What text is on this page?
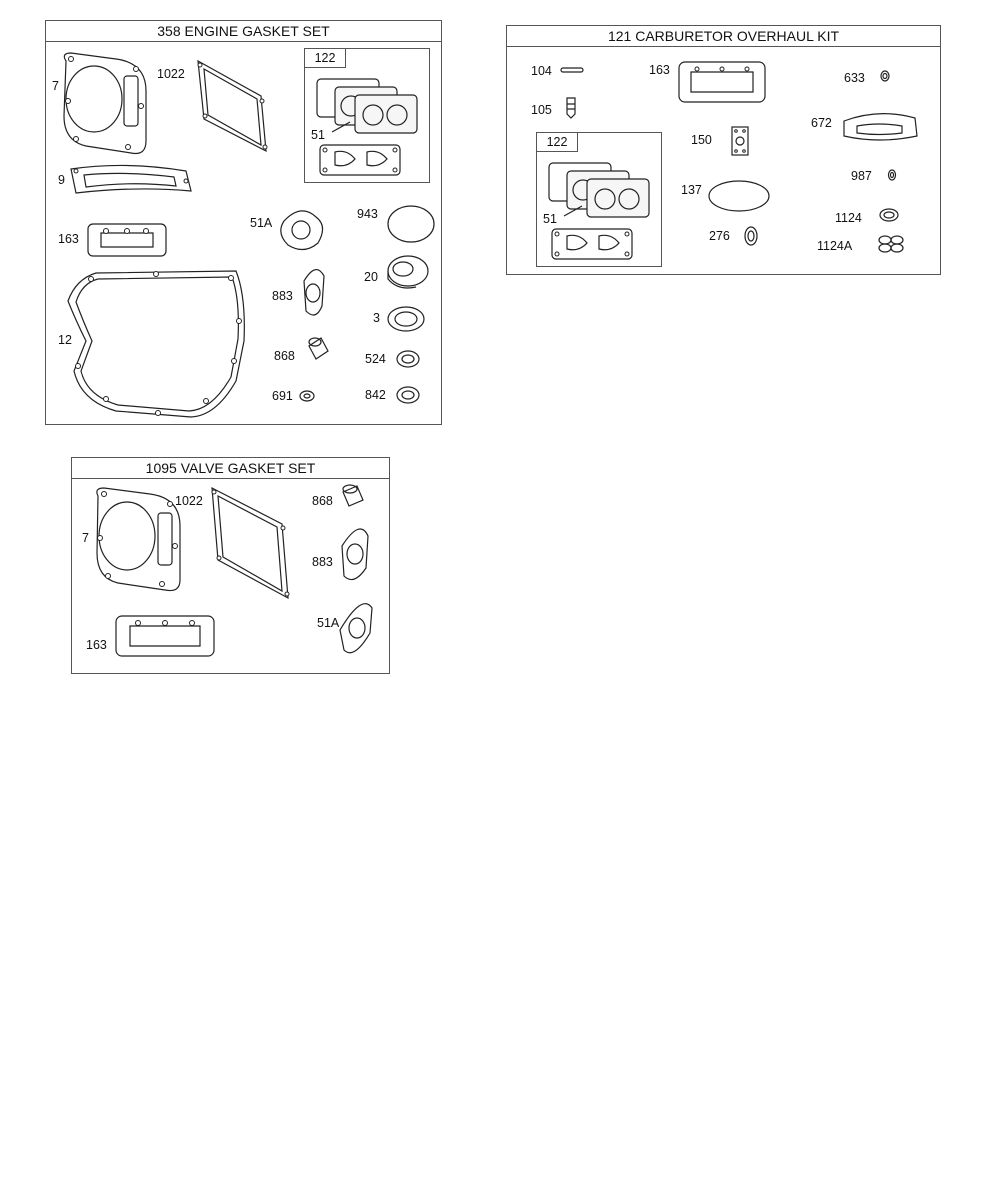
358 ENGINE GASKET SET
122
51
7
1022
9
163
12
51A
943
20
883
3
868	524
691	842
121 CARBURETOR OVERHAUL KIT
122
51
104
105
163
633
672
150
137
276
987
1124
1124A
1095 VALVE GASKET SET
7
1022
163
868
883
51A
